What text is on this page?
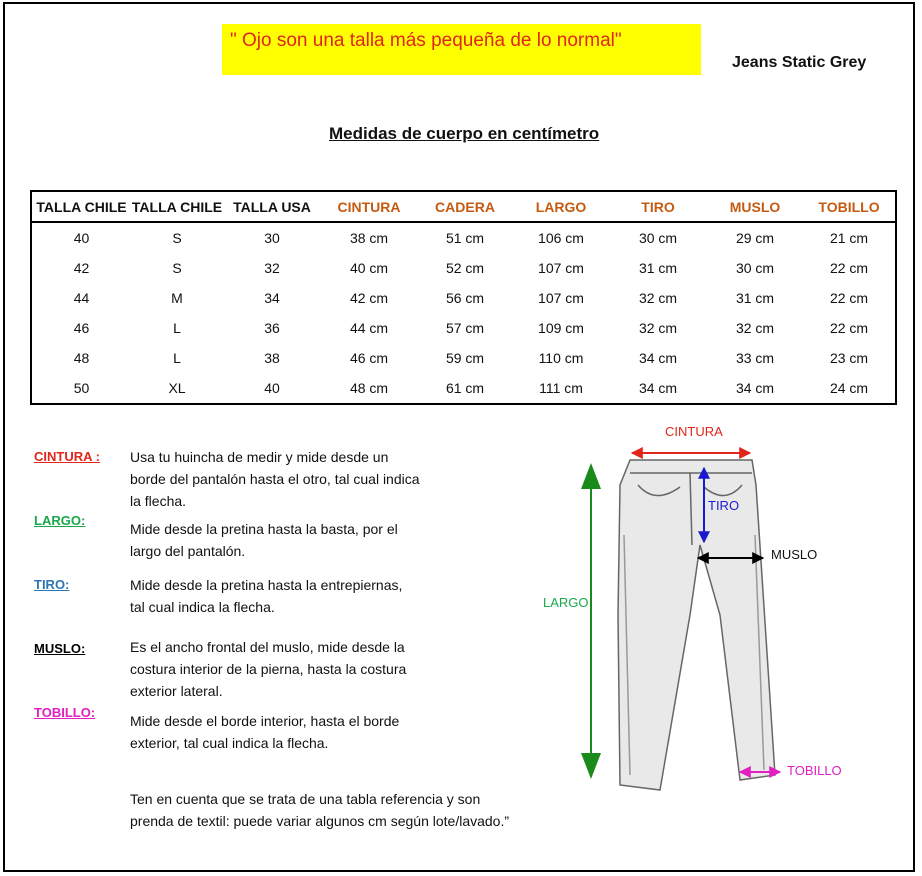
" Ojo son una talla más pequeña de lo normal"
Jeans Static Grey
Medidas de cuerpo en centímetro
TALLA CHILE	TALLA CHILE	TALLA USA	CINTURA	CADERA	LARGO	TIRO	MUSLO	TOBILLO
40	S	30	38 cm	51 cm	106 cm	30 cm	29 cm	21 cm
42	S	32	40 cm	52 cm	107 cm	31 cm	30 cm	22 cm
44	M	34	42 cm	56 cm	107 cm	32 cm	31 cm	22 cm
46	L	36	44 cm	57 cm	109 cm	32 cm	32 cm	22 cm
48	L	38	46 cm	59 cm	110 cm	34 cm	33 cm	23 cm
50	XL	40	48 cm	61 cm	111 cm	34 cm	34 cm	24 cm
CINTURA : Usa tu huincha de medir y mide desde un borde del pantalón hasta el otro, tal cual indica la flecha.
LARGO:
Mide desde la pretina hasta la basta, por el largo del pantalón.
TIRO:	Mide desde la pretina hasta la entrepiernas, tal cual indica la flecha.
MUSLO:	Es el ancho frontal del muslo, mide desde la costura interior de la pierna, hasta la costura exterior lateral.
TOBILLO:
Mide desde el borde interior, hasta el borde exterior, tal cual indica la flecha.
Ten en cuenta que se trata de una tabla referencia y son prenda de textil: puede variar algunos cm según lote/lavado.”
CINTURA
TIRO
MUSLO
LARGO
TOBILLO
